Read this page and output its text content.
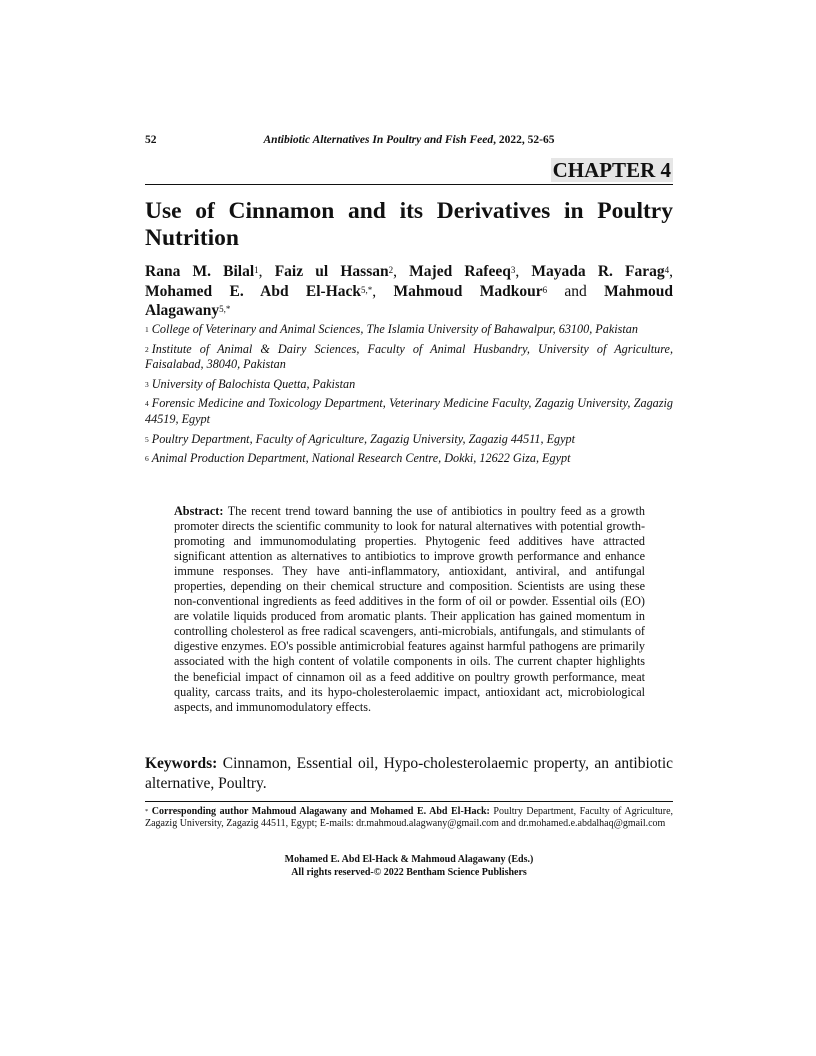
52	Antibiotic Alternatives In Poultry and Fish Feed, 2022, 52-65
CHAPTER 4
Use of Cinnamon and its Derivatives in Poultry
Nutrition
Rana M. Bilal$^1$, Faiz ul Hassan$^2$, Majed Rafeeq$^3$, Mayada R. Farag$^4$,
Mohamed E. Abd El-Hack$^{5,*}$, Mahmoud Madkour$^6$ and Mahmoud
Alagawany$^{5,*}$
$^1$ College of Veterinary and Animal Sciences, The Islamia University of Bahawalpur, 63100, Pakistan
$^2$ Institute of Animal & Dairy Sciences, Faculty of Animal Husbandry, University of Agriculture, Faisalabad, 38040, Pakistan
$^3$ University of Balochista Quetta, Pakistan
$^4$ Forensic Medicine and Toxicology Department, Veterinary Medicine Faculty, Zagazig University, Zagazig 44519, Egypt
$^5$ Poultry Department, Faculty of Agriculture, Zagazig University, Zagazig 44511, Egypt
$^6$ Animal Production Department, National Research Centre, Dokki, 12622 Giza, Egypt
Abstract: The recent trend toward banning the use of antibiotics in poultry feed as a growth promoter directs the scientific community to look for natural alternatives with potential growth-promoting and immunomodulating properties. Phytogenic feed additives have attracted significant attention as alternatives to antibiotics to improve growth performance and enhance immune responses. They have anti-inflammatory, antioxidant, antiviral, and antifungal properties, depending on their chemical structure and composition. Scientists are using these non-conventional ingredients as feed additives in the form of oil or powder. Essential oils (EO) are volatile liquids produced from aromatic plants. Their application has gained momentum in controlling cholesterol as free radical scavengers, anti-microbials, antifungals, and stimulants of digestive enzymes. EO's possible antimicrobial features against harmful pathogens are primarily associated with the high content of volatile components in oils. The current chapter highlights the beneficial impact of cinnamon oil as a feed additive on poultry growth performance, meat quality, carcass traits, and its hypo-cholesterolaemic impact, antioxidant act, microbiological aspects, and immunomodulatory effects.
Keywords: Cinnamon, Essential oil, Hypo-cholesterolaemic property, an antibiotic alternative, Poultry.
* Corresponding author Mahmoud Alagawany and Mohamed E. Abd El-Hack: Poultry Department, Faculty of Agriculture, Zagazig University, Zagazig 44511, Egypt; E-mails: dr.mahmoud.alagwany@gmail.com and dr.mohamed.e.abdalhaq@gmail.com
Mohamed E. Abd El-Hack & Mahmoud Alagawany (Eds.)
All rights reserved-© 2022 Bentham Science Publishers
